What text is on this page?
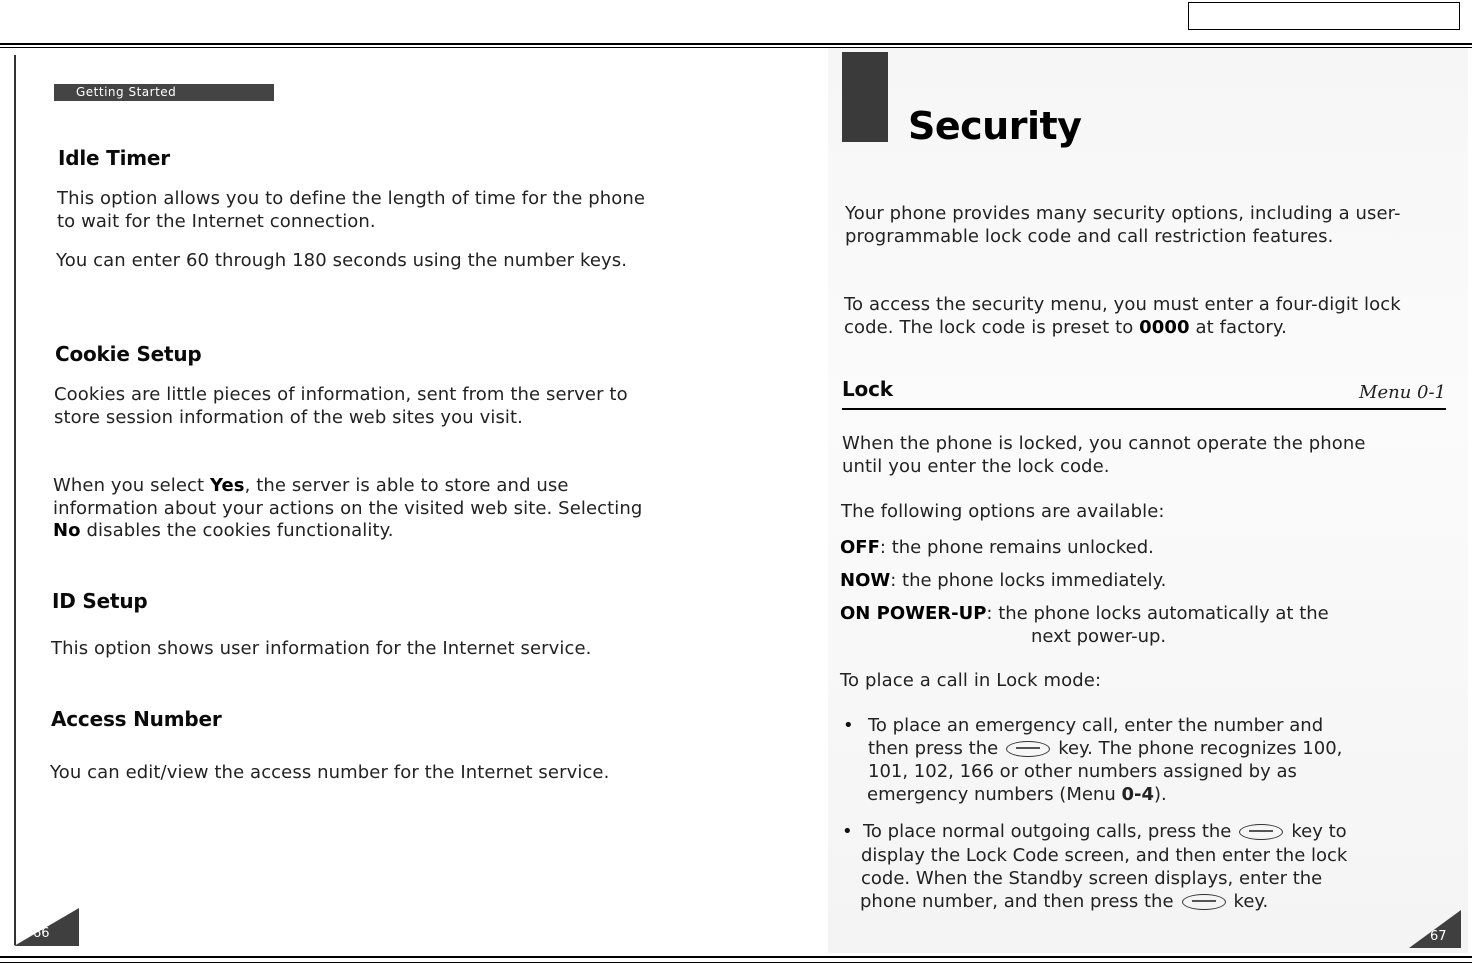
Getting Started
Idle Timer

This option allows you to define the length of time for the phone to wait for the Internet connection.

You can enter 60 through 180 seconds using the number keys.

Cookie Setup

Cookies are little pieces of information, sent from the server to store session information of the web sites you visit.

When you select Yes, the server is able to store and use information about your actions on the visited web site. Selecting No disables the cookies functionality.

ID Setup

This option shows user information for the Internet service.

Access Number

You can edit/view the access number for the Internet service.

66
Security

Your phone provides many security options, including a user-programmable lock code and call restriction features.

To access the security menu, you must enter a four-digit lock code. The lock code is preset to 0000 at factory.

Lock	Menu 0-1

When the phone is locked, you cannot operate the phone until you enter the lock code.

The following options are available:

OFF: the phone remains unlocked.

NOW: the phone locks immediately.

ON POWER-UP: the phone locks automatically at the

next power-up.

To place a call in Lock mode:

• To place an emergency call, enter the number and

then press the	key. The phone recognizes 100,

101, 102, 166 or other numbers assigned by as

emergency numbers (Menu 0-4).

• To place normal outgoing calls, press the	key to

display the Lock Code screen, and then enter the lock

code. When the Standby screen displays, enter the

phone number, and then press the	key.

67
